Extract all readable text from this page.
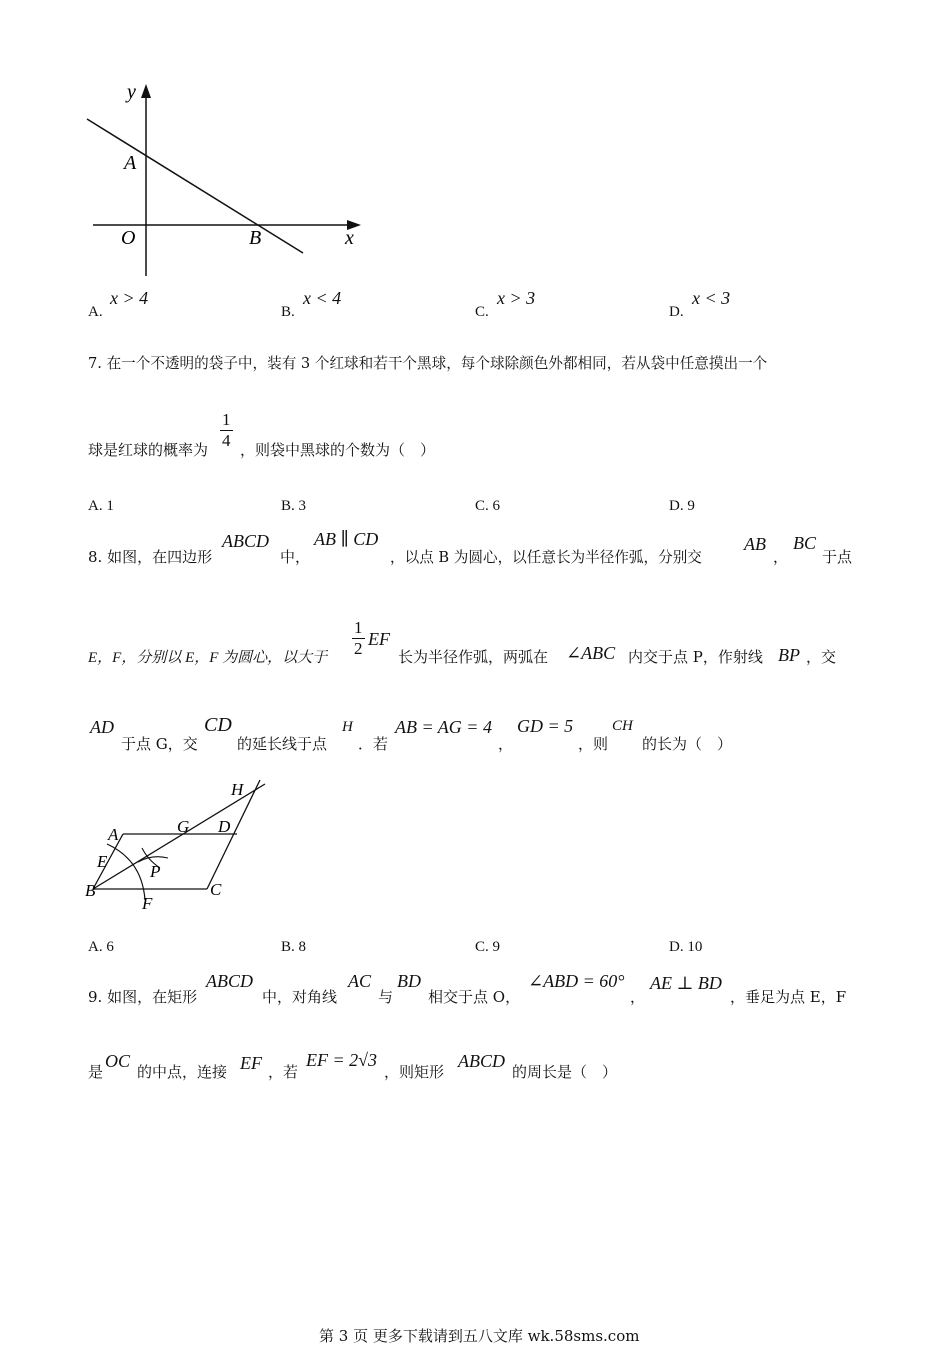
y
A
O	B	x
A.
x > 4
B.
x < 4
C.
x > 3
D.
x < 3
7. 在一个不透明的袋子中，装有 3 个红球和若干个黑球，每个球除颜色外都相同，若从袋中任意摸出一个
球是红球的概率为 $\frac{1}{4}$ ，则袋中黑球的个数为（　）
A. 1	B. 3	C. 6	D. 9
8. 如图，在四边形
ABCD
中，
AB ∥ CD
，以点 B 为圆心，以任意长为半径作弧，分别交
AB
，
BC
于点
E，F，分别以 E，F 为圆心，以大于 $\frac{1}{2}$ EF
长为半径作弧，两弧在 ∠ABC 内交于点 P，作射线 BP ，交
AD
于点 G，交
CD
的延长线于点
H
．若
AB = AG = 4
，
GD = 5
，则
CH
的长为（　）
H
A	G D
E
P
B	C
F
A. 6	B. 8	C. 9	D. 10
9. 如图，在矩形
ABCD
中，对角线
AC
与
BD
相交于点 O，
∠ABD = 60°
，
AE ⊥ BD
，垂足为点 E，F
是
OC
的中点，连接 EF ，若
EF = 2√3
，则矩形
ABCD
的周长是（　）
第 3 页 更多下载请到五八文库 wk.58sms.com
